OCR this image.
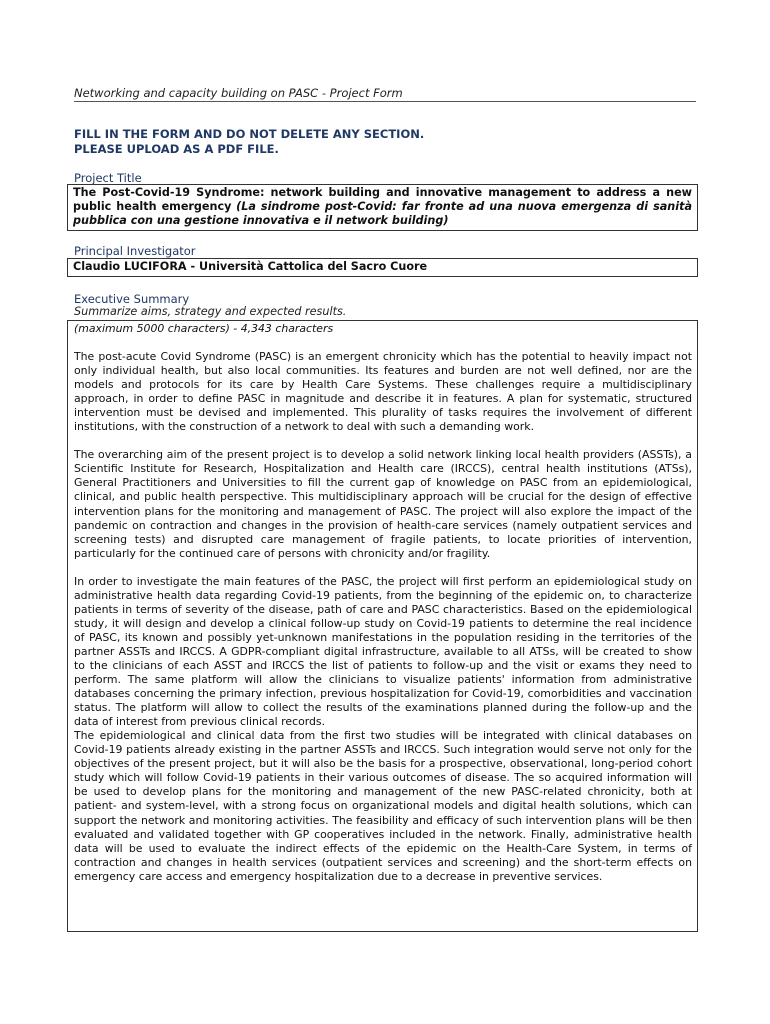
Networking and capacity building on PASC - Project Form
FILL IN THE FORM AND DO NOT DELETE ANY SECTION.
PLEASE UPLOAD AS A PDF FILE.
Project Title
The Post-Covid-19 Syndrome: network building and innovative management to address a new public health emergency (La sindrome post-Covid: far fronte ad una nuova emergenza di sanità pubblica con una gestione innovativa e il network building)
Principal Investigator
Claudio LUCIFORA - Università Cattolica del Sacro Cuore
Executive Summary
Summarize aims, strategy and expected results.
(maximum 5000 characters) - 4,343 characters

The post-acute Covid Syndrome (PASC) is an emergent chronicity which has the potential to heavily impact not only individual health, but also local communities. Its features and burden are not well defined, nor are the models and protocols for its care by Health Care Systems. These challenges require a multidisciplinary approach, in order to define PASC in magnitude and describe it in features. A plan for systematic, structured intervention must be devised and implemented. This plurality of tasks requires the involvement of different institutions, with the construction of a network to deal with such a demanding work.

The overarching aim of the present project is to develop a solid network linking local health providers (ASSTs), a Scientific Institute for Research, Hospitalization and Health care (IRCCS), central health institutions (ATSs), General Practitioners and Universities to fill the current gap of knowledge on PASC from an epidemiological, clinical, and public health perspective. This multidisciplinary approach will be crucial for the design of effective intervention plans for the monitoring and management of PASC. The project will also explore the impact of the pandemic on contraction and changes in the provision of health-care services (namely outpatient services and screening tests) and disrupted care management of fragile patients, to locate priorities of intervention, particularly for the continued care of persons with chronicity and/or fragility.

In order to investigate the main features of the PASC, the project will first perform an epidemiological study on administrative health data regarding Covid-19 patients, from the beginning of the epidemic on, to characterize patients in terms of severity of the disease, path of care and PASC characteristics. Based on the epidemiological study, it will design and develop a clinical follow-up study on Covid-19 patients to determine the real incidence of PASC, its known and possibly yet-unknown manifestations in the population residing in the territories of the partner ASSTs and IRCCS. A GDPR-compliant digital infrastructure, available to all ATSs, will be created to show to the clinicians of each ASST and IRCCS the list of patients to follow-up and the visit or exams they need to perform. The same platform will allow the clinicians to visualize patients' information from administrative databases concerning the primary infection, previous hospitalization for Covid-19, comorbidities and vaccination status. The platform will allow to collect the results of the examinations planned during the follow-up and the data of interest from previous clinical records.

The epidemiological and clinical data from the first two studies will be integrated with clinical databases on Covid-19 patients already existing in the partner ASSTs and IRCCS. Such integration would serve not only for the objectives of the present project, but it will also be the basis for a prospective, observational, long-period cohort study which will follow Covid-19 patients in their various outcomes of disease. The so acquired information will be used to develop plans for the monitoring and management of the new PASC-related chronicity, both at patient- and system-level, with a strong focus on organizational models and digital health solutions, which can support the network and monitoring activities. The feasibility and efficacy of such intervention plans will be then evaluated and validated together with GP cooperatives included in the network. Finally, administrative health data will be used to evaluate the indirect effects of the epidemic on the Health-Care System, in terms of contraction and changes in health services (outpatient services and screening) and the short-term effects on emergency care access and emergency hospitalization due to a decrease in preventive services.
